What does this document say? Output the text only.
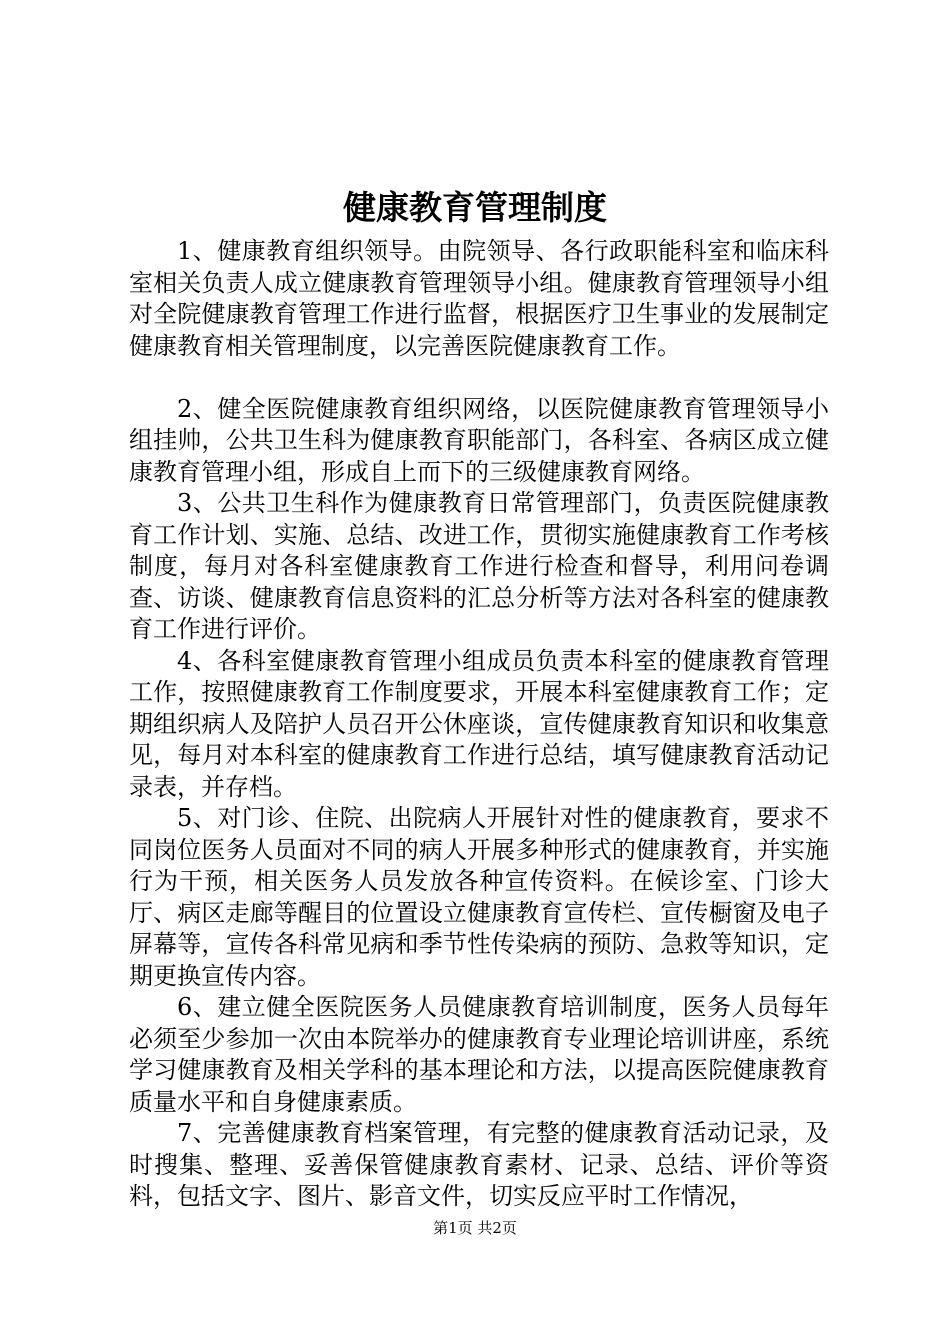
健康教育管理制度

1、健康教育组织领导。由院领导、各行政职能科室和临床科室相关负责人成立健康教育管理领导小组。健康教育管理领导小组对全院健康教育管理工作进行监督，根据医疗卫生事业的发展制定健康教育相关管理制度，以完善医院健康教育工作。

2、健全医院健康教育组织网络，以医院健康教育管理领导小组挂帅，公共卫生科为健康教育职能部门，各科室、各病区成立健康教育管理小组，形成自上而下的三级健康教育网络。

3、公共卫生科作为健康教育日常管理部门，负责医院健康教育工作计划、实施、总结、改进工作，贯彻实施健康教育工作考核制度，每月对各科室健康教育工作进行检查和督导，利用问卷调查、访谈、健康教育信息资料的汇总分析等方法对各科室的健康教育工作进行评价。

4、各科室健康教育管理小组成员负责本科室的健康教育管理工作，按照健康教育工作制度要求，开展本科室健康教育工作；定期组织病人及陪护人员召开公休座谈，宣传健康教育知识和收集意见，每月对本科室的健康教育工作进行总结，填写健康教育活动记录表，并存档。

5、对门诊、住院、出院病人开展针对性的健康教育，要求不同岗位医务人员面对不同的病人开展多种形式的健康教育，并实施行为干预，相关医务人员发放各种宣传资料。在候诊室、门诊大厅、病区走廊等醒目的位置设立健康教育宣传栏、宣传橱窗及电子屏幕等，宣传各科常见病和季节性传染病的预防、急救等知识，定期更换宣传内容。

6、建立健全医院医务人员健康教育培训制度，医务人员每年必须至少参加一次由本院举办的健康教育专业理论培训讲座，系统学习健康教育及相关学科的基本理论和方法，以提高医院健康教育质量水平和自身健康素质。

7、完善健康教育档案管理，有完整的健康教育活动记录，及时搜集、整理、妥善保管健康教育素材、记录、总结、评价等资料，包括文字、图片、影音文件，切实反应平时工作情况，

第1页 共2页
